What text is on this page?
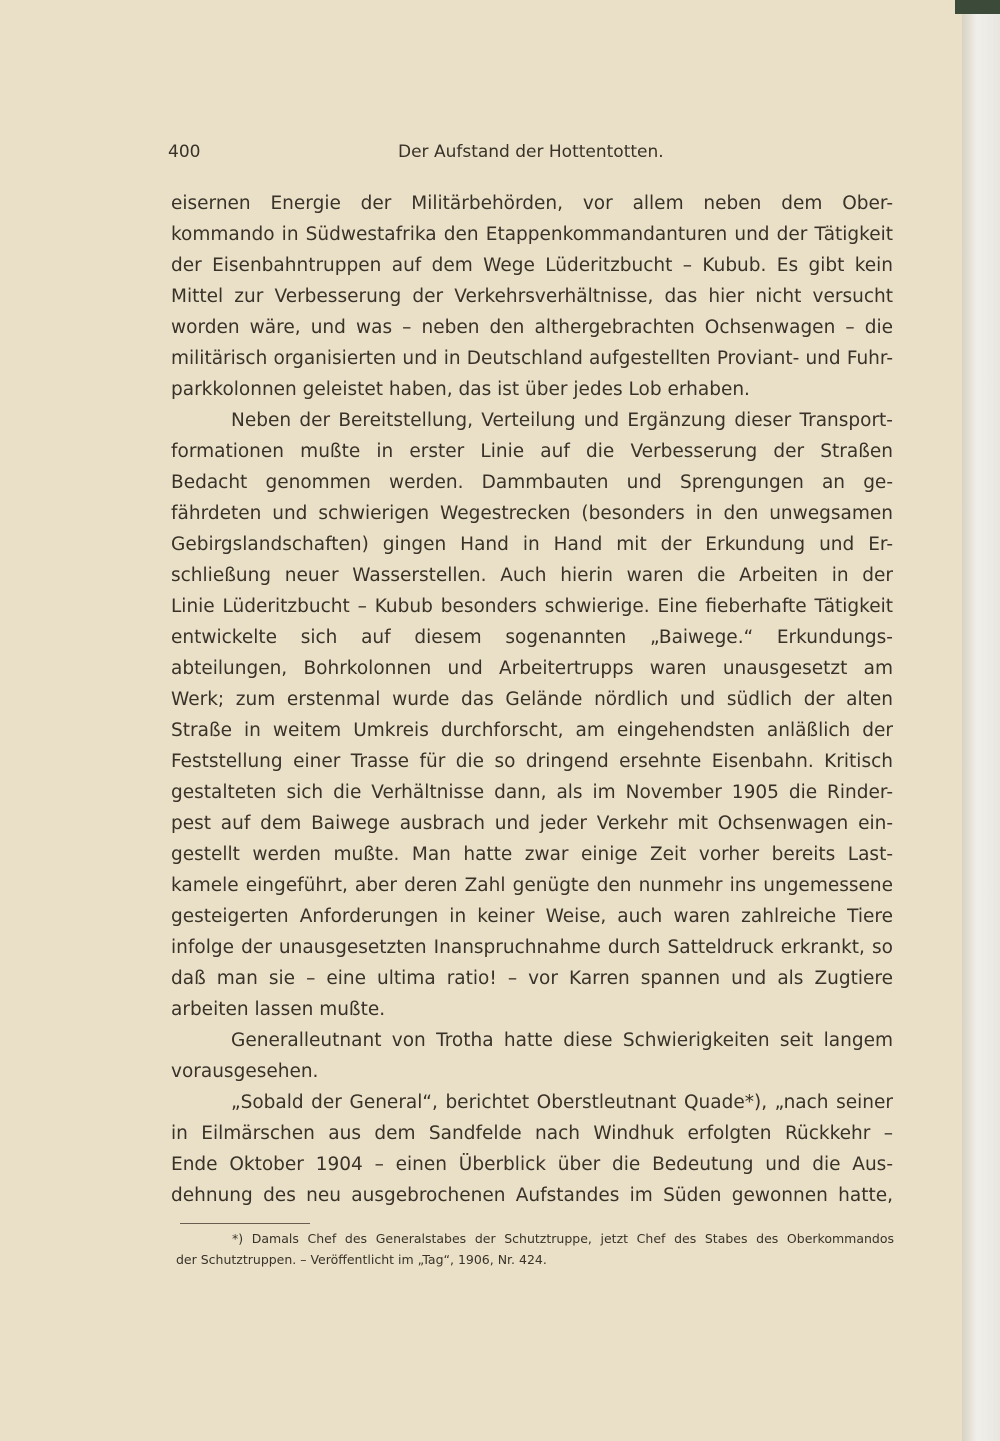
400	Der Aufstand der Hottentotten.
eisernen Energie der Militärbehörden, vor allem neben dem Ober-
kommando in Südwestafrika den Etappenkommandanturen und der Tätigkeit
der Eisenbahntruppen auf dem Wege Lüderitzbucht – Kubub. Es gibt kein
Mittel zur Verbesserung der Verkehrsverhältnisse, das hier nicht versucht
worden wäre, und was – neben den althergebrachten Ochsenwagen – die
militärisch organisierten und in Deutschland aufgestellten Proviant- und Fuhr-
parkkolonnen geleistet haben, das ist über jedes Lob erhaben.
Neben der Bereitstellung, Verteilung und Ergänzung dieser Transport-
formationen mußte in erster Linie auf die Verbesserung der Straßen
Bedacht genommen werden. Dammbauten und Sprengungen an ge-
fährdeten und schwierigen Wegestrecken (besonders in den unwegsamen
Gebirgslandschaften) gingen Hand in Hand mit der Erkundung und Er-
schließung neuer Wasserstellen. Auch hierin waren die Arbeiten in der
Linie Lüderitzbucht – Kubub besonders schwierige. Eine fieberhafte Tätigkeit
entwickelte sich auf diesem sogenannten „Baiwege.“ Erkundungs-
abteilungen, Bohrkolonnen und Arbeitertrupps waren unausgesetzt am
Werk; zum erstenmal wurde das Gelände nördlich und südlich der alten
Straße in weitem Umkreis durchforscht, am eingehendsten anläßlich der
Feststellung einer Trasse für die so dringend ersehnte Eisenbahn. Kritisch
gestalteten sich die Verhältnisse dann, als im November 1905 die Rinder-
pest auf dem Baiwege ausbrach und jeder Verkehr mit Ochsenwagen ein-
gestellt werden mußte. Man hatte zwar einige Zeit vorher bereits Last-
kamele eingeführt, aber deren Zahl genügte den nunmehr ins ungemessene
gesteigerten Anforderungen in keiner Weise, auch waren zahlreiche Tiere
infolge der unausgesetzten Inanspruchnahme durch Satteldruck erkrankt, so
daß man sie – eine ultima ratio! – vor Karren spannen und als Zugtiere
arbeiten lassen mußte.
Generalleutnant von Trotha hatte diese Schwierigkeiten seit langem
vorausgesehen.
„Sobald der General“, berichtet Oberstleutnant Quade*), „nach seiner
in Eilmärschen aus dem Sandfelde nach Windhuk erfolgten Rückkehr –
Ende Oktober 1904 – einen Überblick über die Bedeutung und die Aus-
dehnung des neu ausgebrochenen Aufstandes im Süden gewonnen hatte,
*) Damals Chef des Generalstabes der Schutztruppe, jetzt Chef des Stabes des Oberkommandos
der Schutztruppen. – Veröffentlicht im „Tag“, 1906, Nr. 424.
